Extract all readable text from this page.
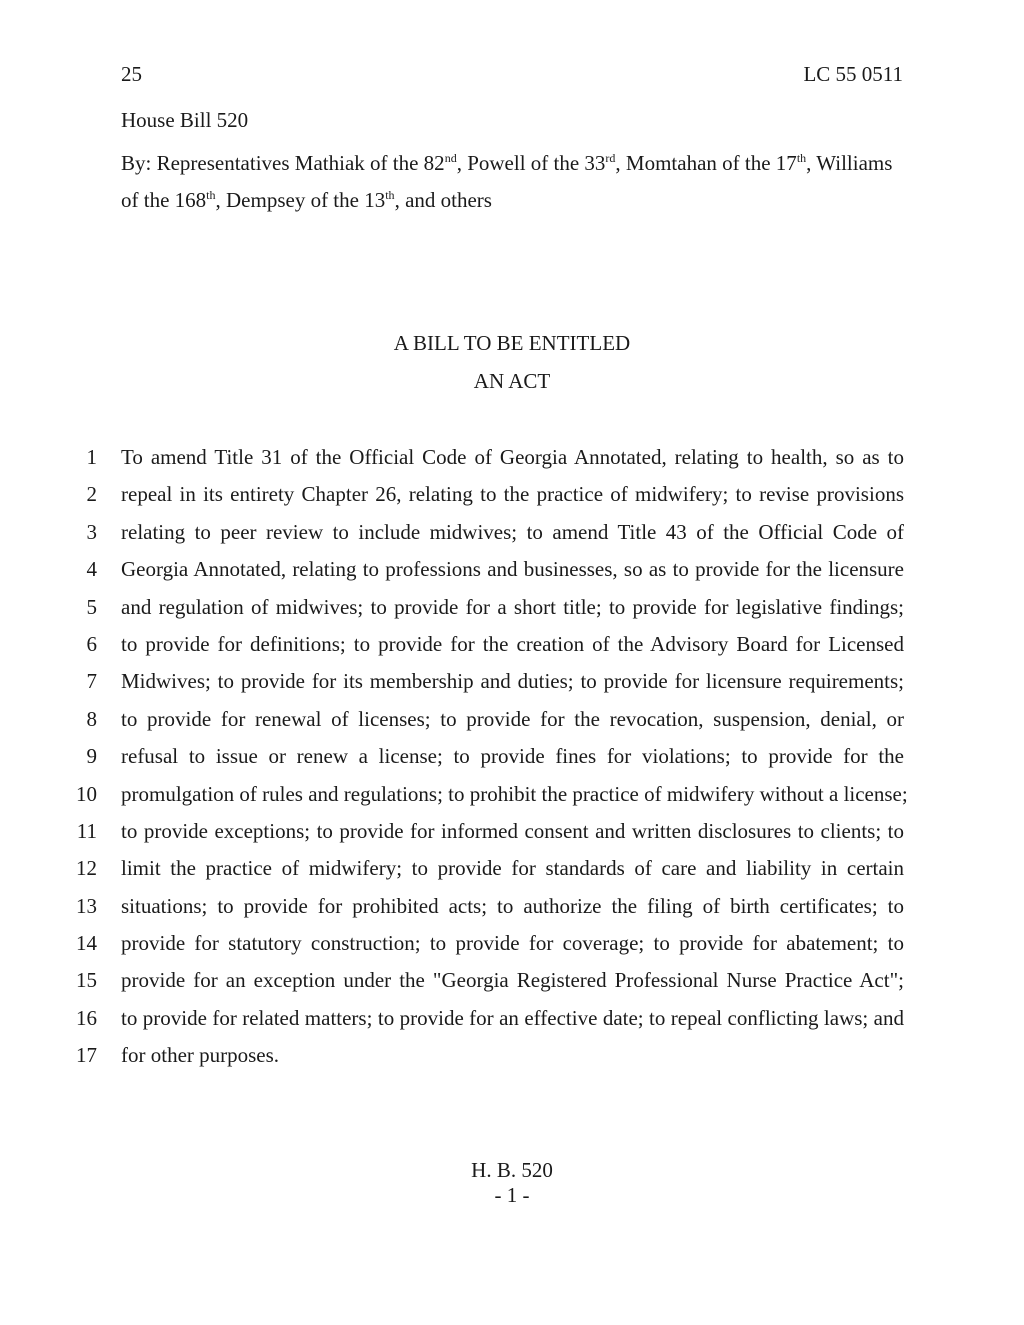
25	LC 55 0511
House Bill 520
By: Representatives Mathiak of the 82nd, Powell of the 33rd, Momtahan of the 17th, Williams of the 168th, Dempsey of the 13th, and others
A BILL TO BE ENTITLED
AN ACT
1 To amend Title 31 of the Official Code of Georgia Annotated, relating to health, so as to
2 repeal in its entirety Chapter 26, relating to the practice of midwifery; to revise provisions
3 relating to peer review to include midwives; to amend Title 43 of the Official Code of
4 Georgia Annotated, relating to professions and businesses, so as to provide for the licensure
5 and regulation of midwives; to provide for a short title; to provide for legislative findings;
6 to provide for definitions; to provide for the creation of the Advisory Board for Licensed
7 Midwives; to provide for its membership and duties; to provide for licensure requirements;
8 to provide for renewal of licenses; to provide for the revocation, suspension, denial, or
9 refusal to issue or renew a license; to provide fines for violations; to provide for the
10 promulgation of rules and regulations; to prohibit the practice of midwifery without a license;
11 to provide exceptions; to provide for informed consent and written disclosures to clients; to
12 limit the practice of midwifery; to provide for standards of care and liability in certain
13 situations; to provide for prohibited acts; to authorize the filing of birth certificates; to
14 provide for statutory construction; to provide for coverage; to provide for abatement; to
15 provide for an exception under the "Georgia Registered Professional Nurse Practice Act";
16 to provide for related matters; to provide for an effective date; to repeal conflicting laws; and
17 for other purposes.
H. B. 520
- 1 -
